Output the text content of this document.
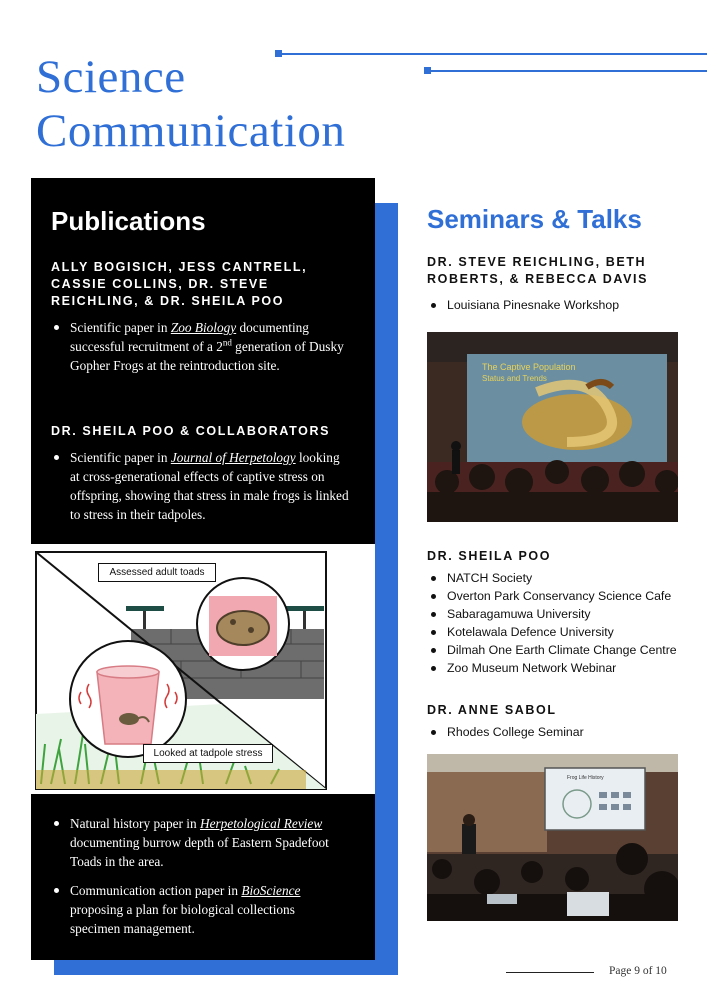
Science
Communication
Publications
ALLY BOGISICH, JESS CANTRELL, CASSIE COLLINS, DR. STEVE REICHLING, & DR. SHEILA POO
Scientific paper in Zoo Biology documenting successful recruitment of a 2nd generation of Dusky Gopher Frogs at the reintroduction site.
DR. SHEILA POO & COLLABORATORS
Scientific paper in Journal of Herpetology looking at cross-generational effects of captive stress on offspring, showing that stress in male frogs is linked to stress in their tadpoles.
Assessed adult toads
Looked at tadpole stress
Natural history paper in Herpetological Review documenting burrow depth of Eastern Spadefoot Toads in the area.
Communication action paper in BioScience proposing a plan for biological collections specimen management.
Seminars & Talks
DR. STEVE REICHLING, BETH ROBERTS, & REBECCA DAVIS
Louisiana Pinesnake Workshop
The Captive Population
Status and Trends
DR. SHEILA POO
NATCH Society
Overton Park Conservancy Science Cafe
Sabaragamuwa University
Kotelawala Defence University
Dilmah One Earth Climate Change Centre
Zoo Museum Network Webinar
DR. ANNE SABOL
Rhodes College Seminar
Frog Life History
Page 9 of 10
